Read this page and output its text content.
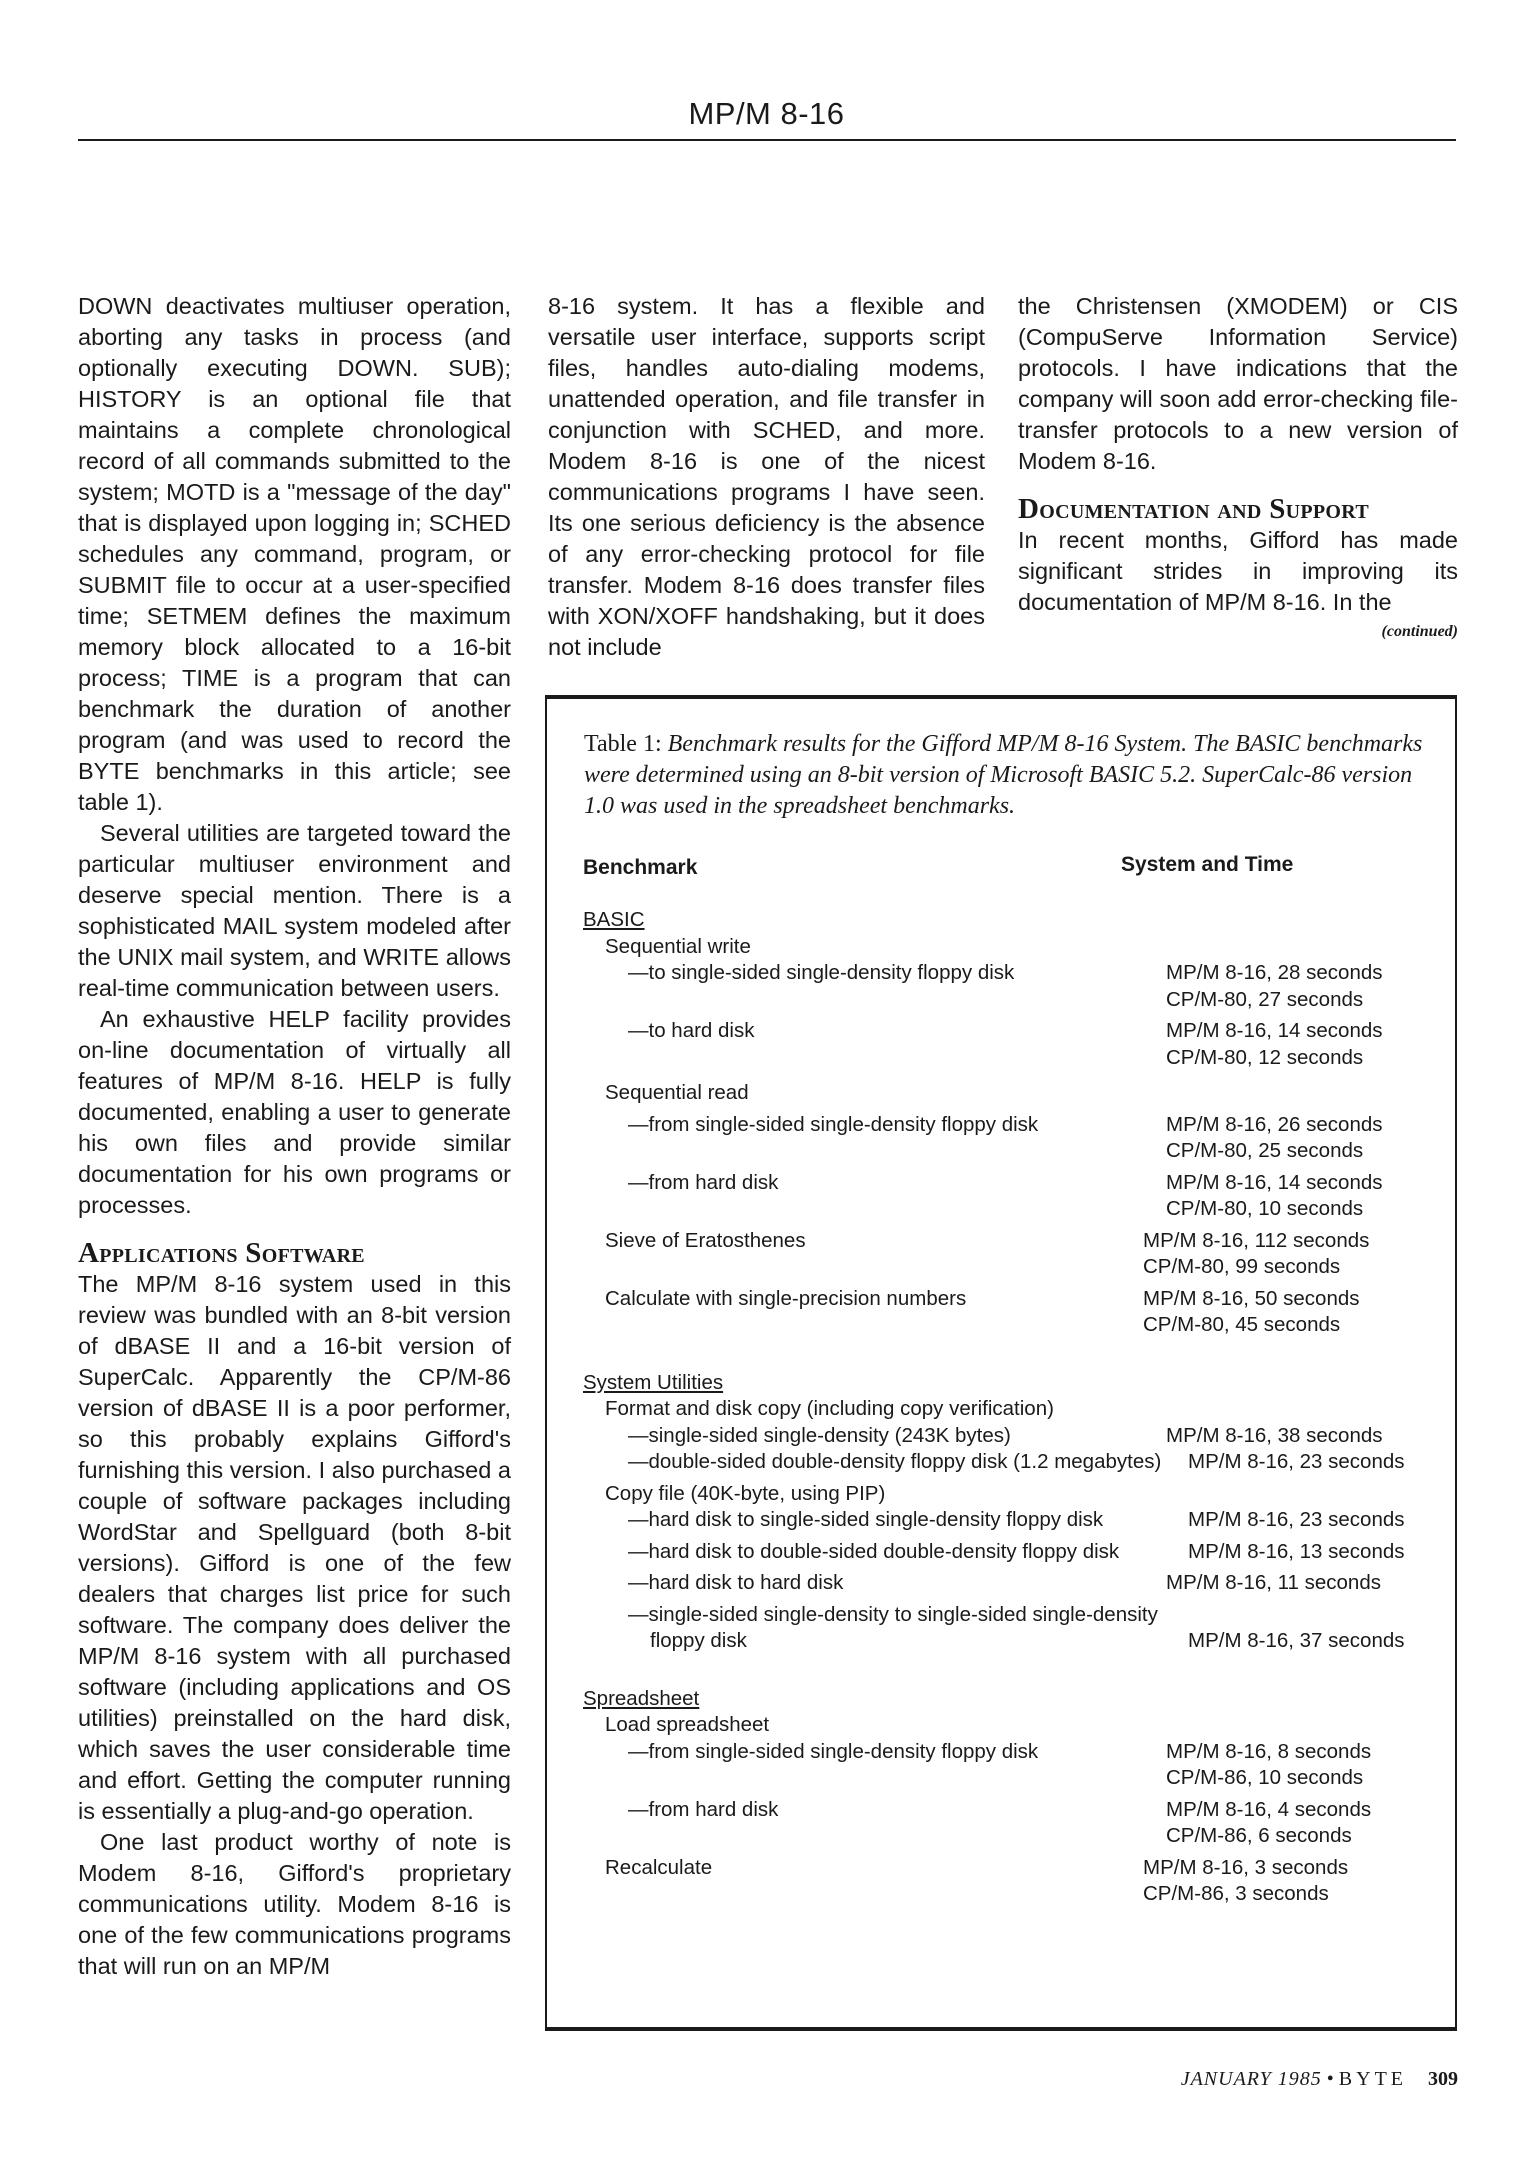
MP/M 8-16

DOWN deactivates multiuser operation, aborting any tasks in process (and optionally executing DOWN. SUB); HISTORY is an optional file that maintains a complete chronological record of all commands submitted to the system; MOTD is a "message of the day" that is displayed upon logging in; SCHED schedules any command, program, or SUBMIT file to occur at a user-specified time; SETMEM defines the maximum memory block allocated to a 16-bit process; TIME is a program that can benchmark the duration of another program (and was used to record the BYTE benchmarks in this article; see table 1).

Several utilities are targeted toward the particular multiuser environment and deserve special mention. There is a sophisticated MAIL system modeled after the UNIX mail system, and WRITE allows real-time communication between users.

An exhaustive HELP facility provides on-line documentation of virtually all features of MP/M 8-16. HELP is fully documented, enabling a user to generate his own files and provide similar documentation for his own programs or processes.

Applications Software

The MP/M 8-16 system used in this review was bundled with an 8-bit version of dBASE II and a 16-bit version of SuperCalc. Apparently the CP/M-86 version of dBASE II is a poor performer, so this probably explains Gifford's furnishing this version. I also purchased a couple of software packages including WordStar and Spellguard (both 8-bit versions). Gifford is one of the few dealers that charges list price for such software. The company does deliver the MP/M 8-16 system with all purchased software (including applications and OS utilities) preinstalled on the hard disk, which saves the user considerable time and effort. Getting the computer running is essentially a plug-and-go operation.

One last product worthy of note is Modem 8-16, Gifford's proprietary communications utility. Modem 8-16 is one of the few communications programs that will run on an MP/M

8-16 system. It has a flexible and versatile user interface, supports script files, handles auto-dialing modems, unattended operation, and file transfer in conjunction with SCHED, and more. Modem 8-16 is one of the nicest communications programs I have seen. Its one serious deficiency is the absence of any error-checking protocol for file transfer. Modem 8-16 does transfer files with XON/XOFF handshaking, but it does not include

the Christensen (XMODEM) or CIS (CompuServe Information Service) protocols. I have indications that the company will soon add error-checking file-transfer protocols to a new version of Modem 8-16.

Documentation and Support

In recent months, Gifford has made significant strides in improving its documentation of MP/M 8-16. In the

(continued)
Table 1: Benchmark results for the Gifford MP/M 8-16 System. The BASIC benchmarks were determined using an 8-bit version of Microsoft BASIC 5.2. SuperCalc-86 version 1.0 was used in the spreadsheet benchmarks.
Benchmark	System and Time
BASIC
Sequential write
—to single-sided single-density floppy disk	MP/M 8-16, 28 seconds
CP/M-80, 27 seconds
—to hard disk	MP/M 8-16, 14 seconds
CP/M-80, 12 seconds
Sequential read
—from single-sided single-density floppy disk	MP/M 8-16, 26 seconds
CP/M-80, 25 seconds
—from hard disk	MP/M 8-16, 14 seconds
CP/M-80, 10 seconds
Sieve of Eratosthenes	MP/M 8-16, 112 seconds
CP/M-80, 99 seconds
Calculate with single-precision numbers	MP/M 8-16, 50 seconds
CP/M-80, 45 seconds
System Utilities
Format and disk copy (including copy verification)
—single-sided single-density (243K bytes)	MP/M 8-16, 38 seconds
—double-sided double-density floppy disk (1.2 megabytes)	MP/M 8-16, 23 seconds
Copy file (40K-byte, using PIP)
—hard disk to single-sided single-density floppy disk	MP/M 8-16, 23 seconds
—hard disk to double-sided double-density floppy disk	MP/M 8-16, 13 seconds
—hard disk to hard disk	MP/M 8-16, 11 seconds
—single-sided single-density to single-sided single-density floppy disk	MP/M 8-16, 37 seconds
Spreadsheet
Load spreadsheet
—from single-sided single-density floppy disk	MP/M 8-16, 8 seconds
CP/M-86, 10 seconds
—from hard disk	MP/M 8-16, 4 seconds
CP/M-86, 6 seconds
Recalculate	MP/M 8-16, 3 seconds
CP/M-86, 3 seconds
JANUARY 1985 • BYTE 309
